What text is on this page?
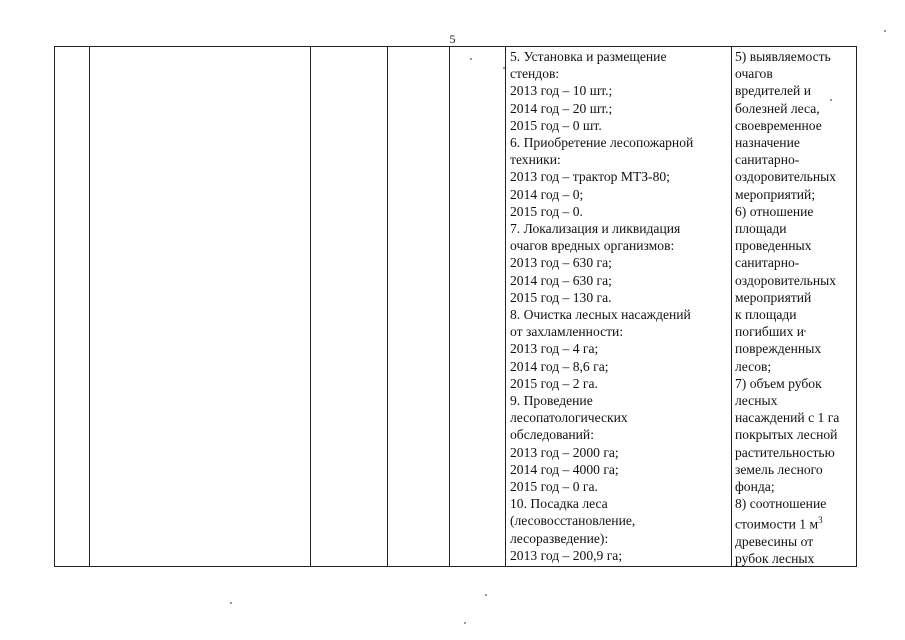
5
5. Установка и размещение
стендов:
2013 год – 10 шт.;
2014 год – 20 шт.;
2015 год – 0 шт.
6. Приобретение лесопожарной
техники:
2013 год – трактор МТЗ-80;
2014 год – 0;
2015 год – 0.
7. Локализация и ликвидация
очагов вредных организмов:
2013 год – 630 га;
2014 год – 630 га;
2015 год – 130 га.
8. Очистка лесных насаждений
от захламленности:
2013 год – 4 га;
2014 год – 8,6 га;
2015 год – 2 га.
9. Проведение
лесопатологических
обследований:
2013 год – 2000 га;
2014 год – 4000 га;
2015 год – 0 га.
10. Посадка леса
(лесовосстановление,
лесоразведение):
2013 год – 200,9 га;
5) выявляемость
очагов
вредителей и
болезней леса,
своевременное
назначение
санитарно-
оздоровительных
мероприятий;
6) отношение
площади
проведенных
санитарно-
оздоровительных
мероприятий
к площади
погибших и
поврежденных
лесов;
7) объем рубок
лесных
насаждений с 1 га
покрытых лесной
растительностью
земель лесного
фонда;
8) соотношение
стоимости 1 $м^3$
древесины от
рубок лесных
